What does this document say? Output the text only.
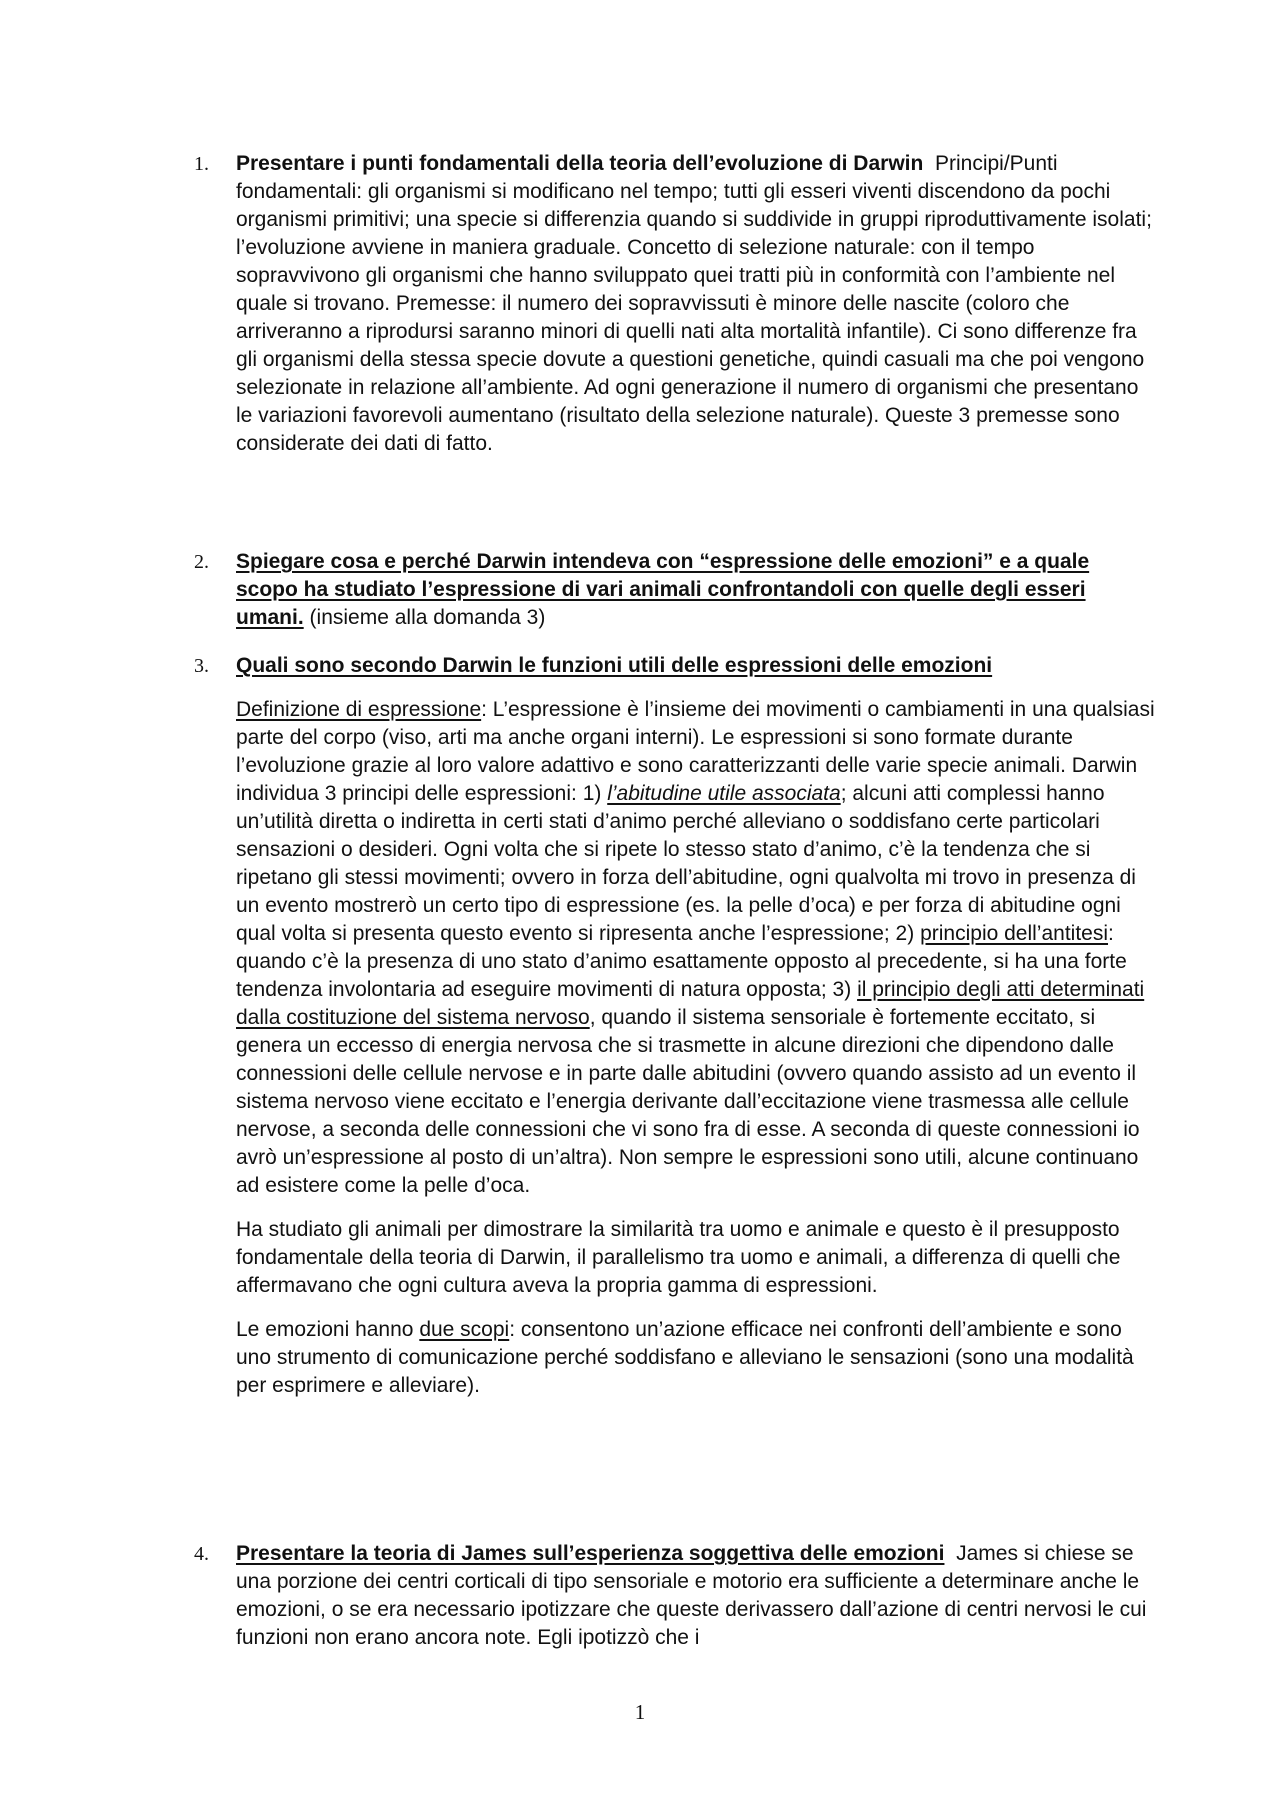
1. Presentare i punti fondamentali della teoria dell’evoluzione di Darwin Principi/Punti fondamentali: gli organismi si modificano nel tempo; tutti gli esseri viventi discendono da pochi organismi primitivi; una specie si differenzia quando si suddivide in gruppi riproduttivamente isolati; l’evoluzione avviene in maniera graduale. Concetto di selezione naturale: con il tempo sopravvivono gli organismi che hanno sviluppato quei tratti più in conformità con l’ambiente nel quale si trovano. Premesse: il numero dei sopravvissuti è minore delle nascite (coloro che arriveranno a riprodursi saranno minori di quelli nati alta mortalità infantile). Ci sono differenze fra gli organismi della stessa specie dovute a questioni genetiche, quindi casuali ma che poi vengono selezionate in relazione all’ambiente. Ad ogni generazione il numero di organismi che presentano le variazioni favorevoli aumentano (risultato della selezione naturale). Queste 3 premesse sono considerate dei dati di fatto.

2. Spiegare cosa e perché Darwin intendeva con “espressione delle emozioni” e a quale scopo ha studiato l’espressione di vari animali confrontandoli con quelle degli esseri umani. (insieme alla domanda 3)

3. Quali sono secondo Darwin le funzioni utili delle espressioni delle emozioni

Definizione di espressione: L’espressione è l’insieme dei movimenti o cambiamenti in una qualsiasi parte del corpo (viso, arti ma anche organi interni). Le espressioni si sono formate durante l’evoluzione grazie al loro valore adattivo e sono caratterizzanti delle varie specie animali. Darwin individua 3 principi delle espressioni: 1) l’abitudine utile associata; alcuni atti complessi hanno un’utilità diretta o indiretta in certi stati d’animo perché alleviano o soddisfano certe particolari sensazioni o desideri. Ogni volta che si ripete lo stesso stato d’animo, c’è la tendenza che si ripetano gli stessi movimenti; ovvero in forza dell’abitudine, ogni qualvolta mi trovo in presenza di un evento mostrerò un certo tipo di espressione (es. la pelle d’oca) e per forza di abitudine ogni qual volta si presenta questo evento si ripresenta anche l’espressione; 2) principio dell’antitesi: quando c’è la presenza di uno stato d’animo esattamente opposto al precedente, si ha una forte tendenza involontaria ad eseguire movimenti di natura opposta; 3) il principio degli atti determinati dalla costituzione del sistema nervoso, quando il sistema sensoriale è fortemente eccitato, si genera un eccesso di energia nervosa che si trasmette in alcune direzioni che dipendono dalle connessioni delle cellule nervose e in parte dalle abitudini (ovvero quando assisto ad un evento il sistema nervoso viene eccitato e l’energia derivante dall’eccitazione viene trasmessa alle cellule nervose, a seconda delle connessioni che vi sono fra di esse. A seconda di queste connessioni io avrò un’espressione al posto di un’altra). Non sempre le espressioni sono utili, alcune continuano ad esistere come la pelle d’oca.

Ha studiato gli animali per dimostrare la similarità tra uomo e animale e questo è il presupposto fondamentale della teoria di Darwin, il parallelismo tra uomo e animali, a differenza di quelli che affermavano che ogni cultura aveva la propria gamma di espressioni.

Le emozioni hanno due scopi: consentono un’azione efficace nei confronti dell’ambiente e sono uno strumento di comunicazione perché soddisfano e alleviano le sensazioni (sono una modalità per esprimere e alleviare).

4. Presentare la teoria di James sull’esperienza soggettiva delle emozioni James si chiese se una porzione dei centri corticali di tipo sensoriale e motorio era sufficiente a determinare anche le emozioni, o se era necessario ipotizzare che queste derivassero dall’azione di centri nervosi le cui funzioni non erano ancora note. Egli ipotizzò che i

1
